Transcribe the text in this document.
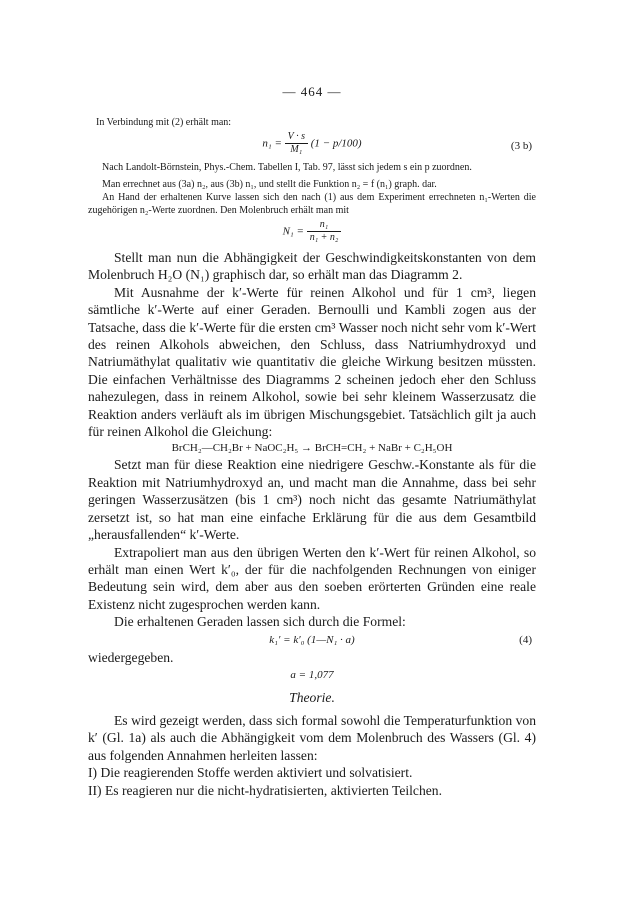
— 464 —
In Verbindung mit (2) erhält man:
$n_1 = \frac{V \cdot s}{\text{M₁}} (1 - p/100)$	(3 b)
Nach Landolt-Börnstein, Phys.-Chem. Tabellen I, Tab. 97, lässt sich jedem s ein p zuordnen.
Man errechnet aus (3a) n₂, aus (3b) n₁, und stellt die Funktion n₂ = f (n₁) graph. dar.
An Hand der erhaltenen Kurve lassen sich den nach (1) aus dem Experiment errechneten n₁-Werten die zugehörigen n₂-Werte zuordnen. Den Molenbruch erhält man mit
$N_1 = \frac{\text{n₁}}{\text{n₁ + n₂}}$
Stellt man nun die Abhängigkeit der Geschwindigkeitskonstanten von dem Molenbruch H₂O (N₁) graphisch dar, so erhält man das Diagramm 2.
Mit Ausnahme der k′-Werte für reinen Alkohol und für 1 cm³, liegen sämtliche k′-Werte auf einer Geraden. Bernoulli und Kambli zogen aus der Tatsache, dass die k′-Werte für die ersten cm³ Wasser noch nicht sehr vom k′-Wert des reinen Alkohols abweichen, den Schluss, dass Natriumhydroxyd und Natriumäthylat qualitativ wie quantitativ die gleiche Wirkung besitzen müssten. Die einfachen Verhältnisse des Diagramms 2 scheinen jedoch eher den Schluss nahezulegen, dass in reinem Alkohol, sowie bei sehr kleinem Wasserzusatz die Reaktion anders verläuft als im übrigen Mischungsgebiet. Tatsächlich gilt ja auch für reinen Alkohol die Gleichung:
BrCH₂—CH₂Br + NaOC₂H₅ → BrCH=CH₂ + NaBr + C₂H₅OH
Setzt man für diese Reaktion eine niedrigere Geschw.-Konstante als für die Reaktion mit Natriumhydroxyd an, und macht man die Annahme, dass bei sehr geringen Wasserzusätzen (bis 1 cm³) noch nicht das gesamte Natriumäthylat zersetzt ist, so hat man eine einfache Erklärung für die aus dem Gesamtbild „herausfallenden“ k′-Werte.
Extrapoliert man aus den übrigen Werten den k′-Wert für reinen Alkohol, so erhält man einen Wert k′₀, der für die nachfolgenden Rechnungen von einiger Bedeutung sein wird, dem aber aus den soeben erörterten Gründen eine reale Existenz nicht zugesprochen werden kann.
Die erhaltenen Geraden lassen sich durch die Formel:
k₁′ = k′₀ (1—N₁ · a)	(4)
wiedergegeben.
a = 1,077
Theorie.
Es wird gezeigt werden, dass sich formal sowohl die Temperaturfunktion von k′ (Gl. 1a) als auch die Abhängigkeit vom dem Molenbruch des Wassers (Gl. 4) aus folgenden Annahmen herleiten lassen:
I) Die reagierenden Stoffe werden aktiviert und solvatisiert.
II) Es reagieren nur die nicht-hydratisierten, aktivierten Teilchen.
